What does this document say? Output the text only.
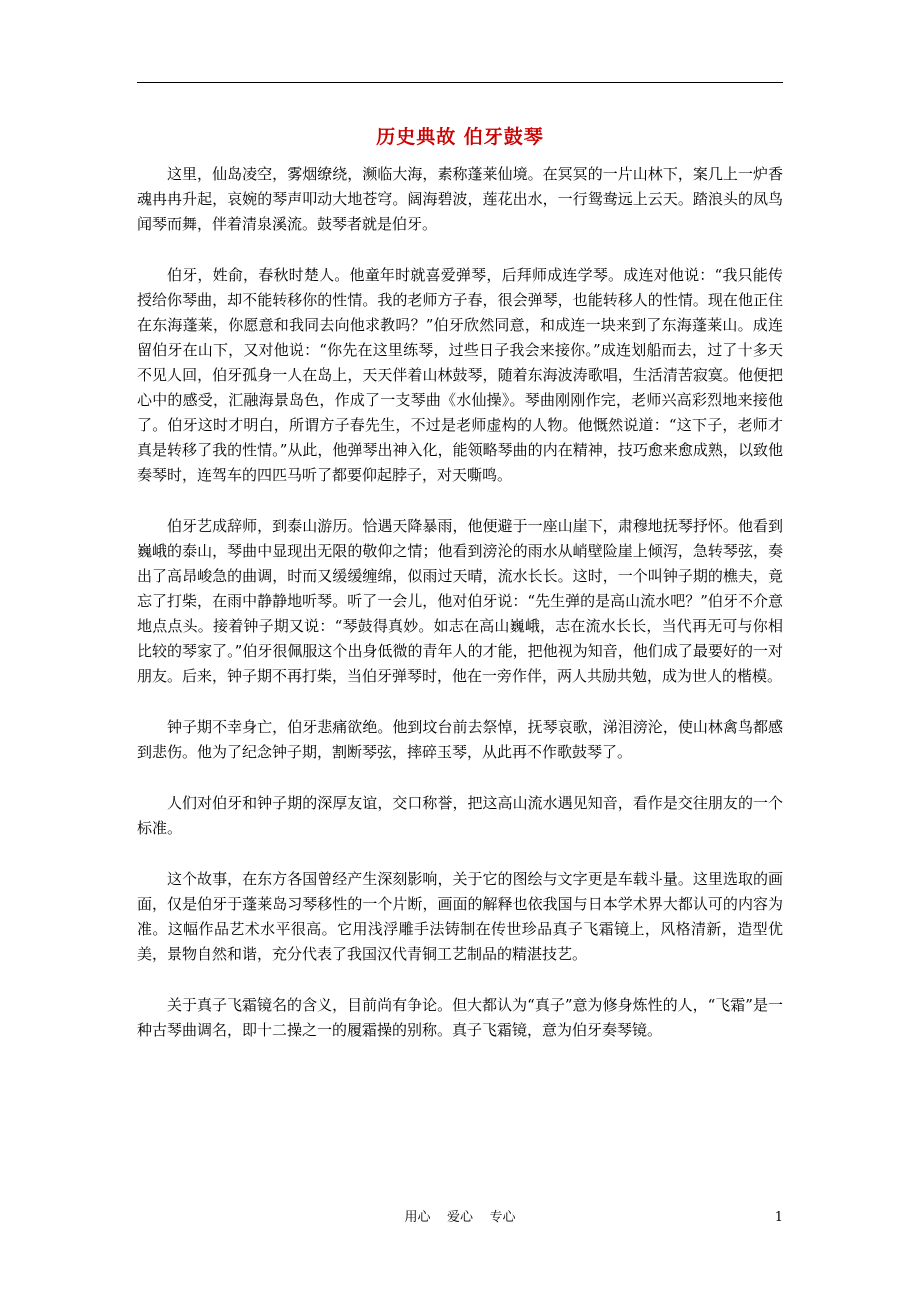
历史典故 伯牙鼓琴

这里，仙岛凌空，雾烟缭绕，濒临大海，素称蓬莱仙境。在冥冥的一片山林下，案几上一炉香魂冉冉升起，哀婉的琴声叩动大地苍穹。阔海碧波，莲花出水，一行鸳鸯远上云天。踏浪头的凤鸟闻琴而舞，伴着清泉溪流。鼓琴者就是伯牙。

伯牙，姓俞，春秋时楚人。他童年时就喜爱弹琴，后拜师成连学琴。成连对他说：“我只能传授给你琴曲，却不能转移你的性情。我的老师方子春，很会弹琴，也能转移人的性情。现在他正住在东海蓬莱，你愿意和我同去向他求教吗？”伯牙欣然同意，和成连一块来到了东海蓬莱山。成连留伯牙在山下，又对他说：“你先在这里练琴，过些日子我会来接你。”成连划船而去，过了十多天不见人回，伯牙孤身一人在岛上，天天伴着山林鼓琴，随着东海波涛歌唱，生活清苦寂寞。他便把心中的感受，汇融海景岛色，作成了一支琴曲《水仙操》。琴曲刚刚作完，老师兴高彩烈地来接他了。伯牙这时才明白，所谓方子春先生，不过是老师虚构的人物。他慨然说道：“这下子，老师才真是转移了我的性情。”从此，他弹琴出神入化，能领略琴曲的内在精神，技巧愈来愈成熟，以致他奏琴时，连驾车的四匹马听了都要仰起脖子，对天嘶鸣。

伯牙艺成辞师，到泰山游历。恰遇天降暴雨，他便避于一座山崖下，肃穆地抚琴抒怀。他看到巍峨的泰山，琴曲中显现出无限的敬仰之情；他看到滂沦的雨水从峭壁险崖上倾泻，急转琴弦，奏出了高昂峻急的曲调，时而又缓缓缠绵，似雨过天晴，流水长长。这时，一个叫钟子期的樵夫，竟忘了打柴，在雨中静静地听琴。听了一会儿，他对伯牙说：“先生弹的是高山流水吧？”伯牙不介意地点点头。接着钟子期又说：“琴鼓得真妙。如志在高山巍峨，志在流水长长，当代再无可与你相比较的琴家了。”伯牙很佩服这个出身低微的青年人的才能，把他视为知音，他们成了最要好的一对朋友。后来，钟子期不再打柴，当伯牙弹琴时，他在一旁作伴，两人共励共勉，成为世人的楷模。

钟子期不幸身亡，伯牙悲痛欲绝。他到坟台前去祭悼，抚琴哀歌，涕泪滂沦，使山林禽鸟都感到悲伤。他为了纪念钟子期，割断琴弦，摔碎玉琴，从此再不作歌鼓琴了。

人们对伯牙和钟子期的深厚友谊，交口称誉，把这高山流水遇见知音，看作是交往朋友的一个标准。

这个故事，在东方各国曾经产生深刻影响，关于它的图绘与文字更是车载斗量。这里选取的画面，仅是伯牙于蓬莱岛习琴移性的一个片断，画面的解释也依我国与日本学术界大都认可的内容为准。这幅作品艺术水平很高。它用浅浮雕手法铸制在传世珍品真子飞霜镜上，风格清新，造型优美，景物自然和谐，充分代表了我国汉代青铜工艺制品的精湛技艺。

关于真子飞霜镜名的含义，目前尚有争论。但大都认为“真子”意为修身炼性的人，“飞霜”是一种古琴曲调名，即十二操之一的履霜操的别称。真子飞霜镜，意为伯牙奏琴镜。

用心    爱心    专心	1
